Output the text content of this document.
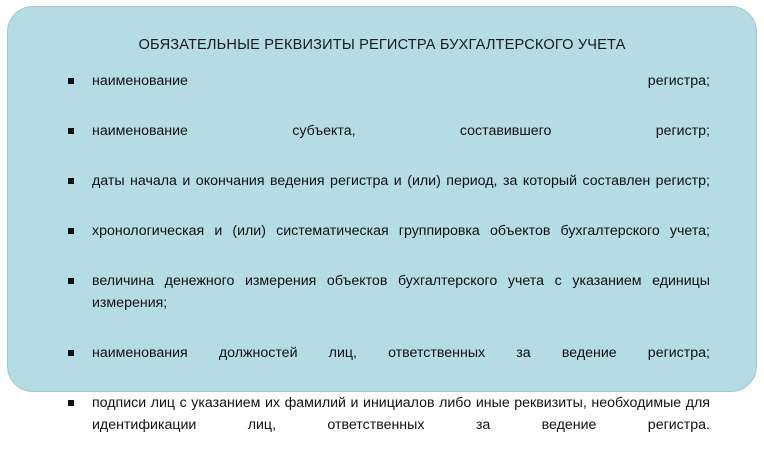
ОБЯЗАТЕЛЬНЫЕ РЕКВИЗИТЫ РЕГИСТРА БУХГАЛТЕРСКОГО УЧЕТА
наименование регистра;
наименование субъекта, составившего регистр;
даты начала и окончания ведения регистра и (или) период, за который составлен регистр;
хронологическая и (или) систематическая группировка объектов бухгалтерского учета;
величина денежного измерения объектов бухгалтерского учета с указанием единицы измерения;
наименования должностей лиц, ответственных за ведение регистра;
подписи лиц с указанием их фамилий и инициалов либо иные реквизиты, необходимые для идентификации лиц, ответственных за ведение регистра.
